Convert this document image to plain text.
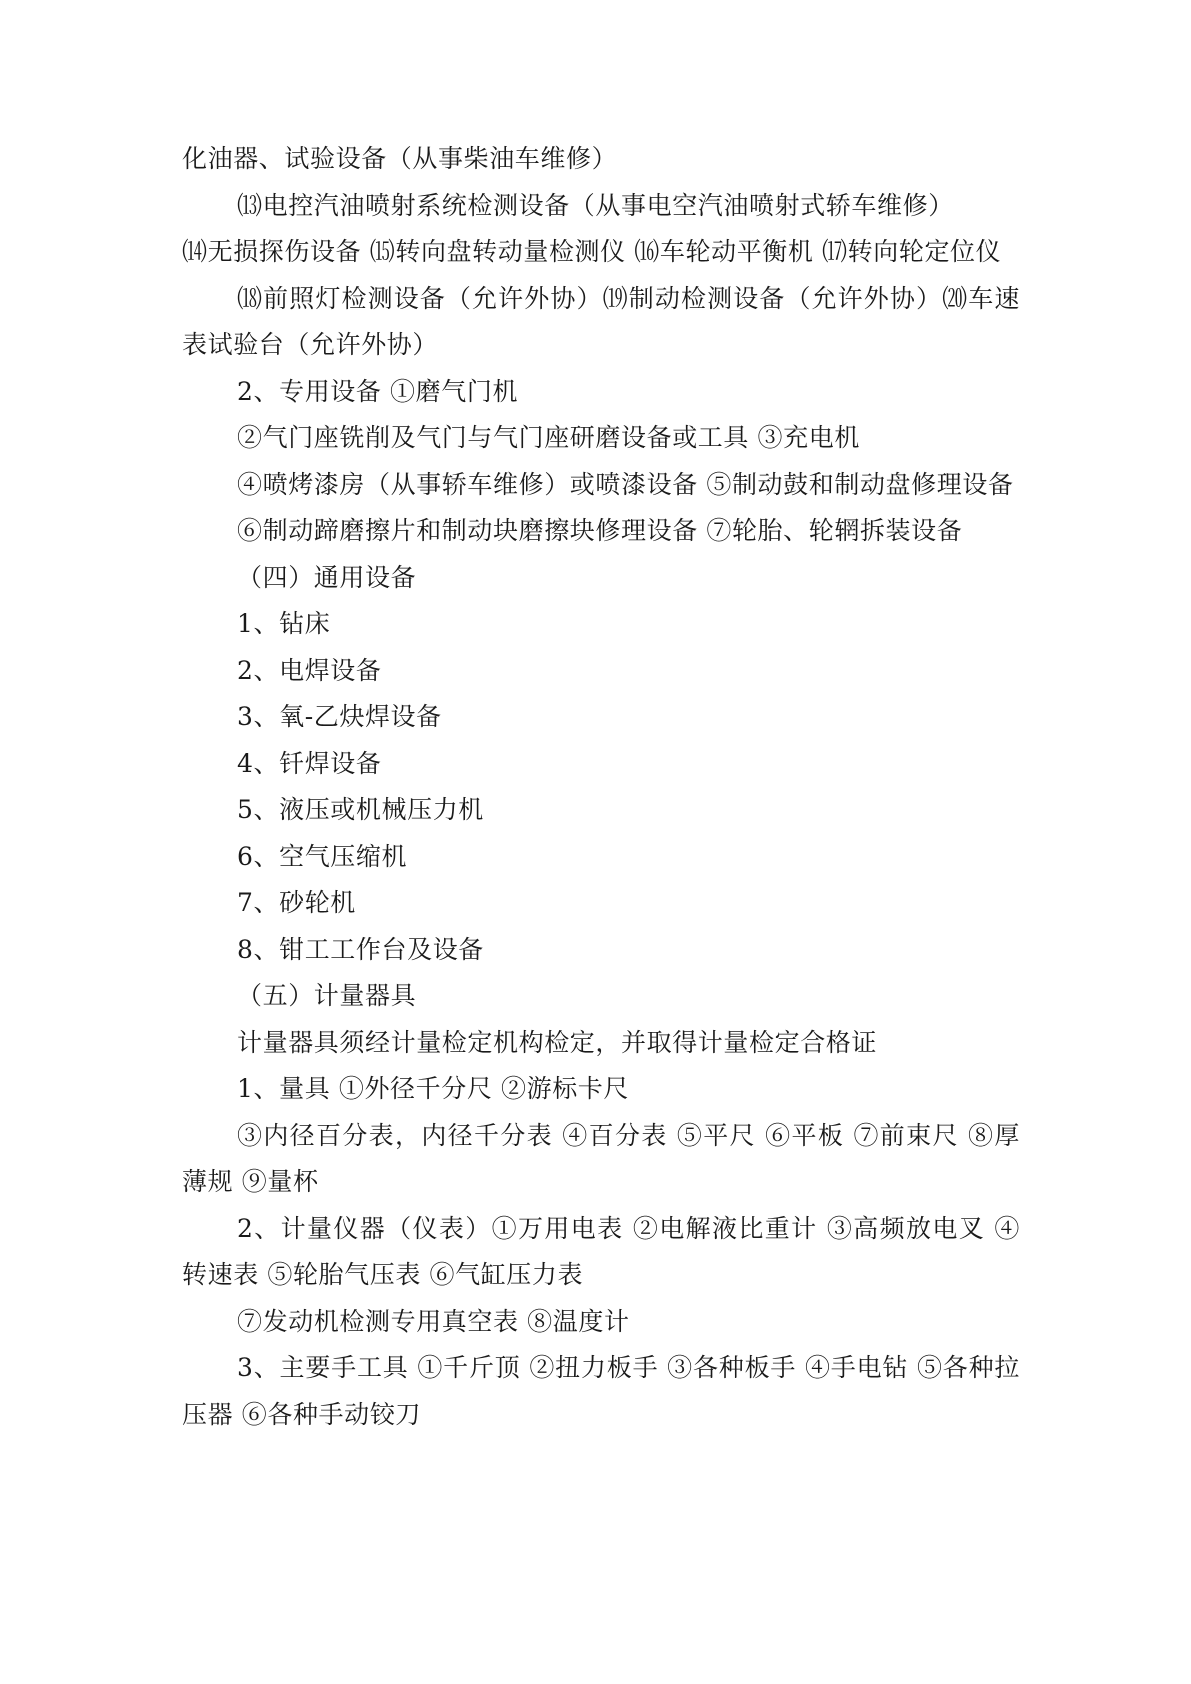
化油器、试验设备（从事柴油车维修）

⒀电控汽油喷射系统检测设备（从事电空汽油喷射式轿车维修）

⒁无损探伤设备 ⒂转向盘转动量检测仪 ⒃车轮动平衡机 ⒄转向轮定位仪

⒅前照灯检测设备（允许外协）⒆制动检测设备（允许外协）⒇车速表试验台（允许外协）

2、专用设备 ①磨气门机

②气门座铣削及气门与气门座研磨设备或工具 ③充电机

④喷烤漆房（从事轿车维修）或喷漆设备 ⑤制动鼓和制动盘修理设备

⑥制动蹄磨擦片和制动块磨擦块修理设备 ⑦轮胎、轮辋拆装设备

（四）通用设备

1、钻床

2、电焊设备

3、氧-乙炔焊设备

4、钎焊设备

5、液压或机械压力机

6、空气压缩机

7、砂轮机

8、钳工工作台及设备

（五）计量器具

计量器具须经计量检定机构检定，并取得计量检定合格证

1、量具 ①外径千分尺 ②游标卡尺

③内径百分表，内径千分表 ④百分表 ⑤平尺 ⑥平板 ⑦前束尺 ⑧厚薄规 ⑨量杯

2、计量仪器（仪表）①万用电表 ②电解液比重计 ③高频放电叉 ④转速表 ⑤轮胎气压表 ⑥气缸压力表

⑦发动机检测专用真空表 ⑧温度计

3、主要手工具 ①千斤顶 ②扭力板手 ③各种板手 ④手电钻 ⑤各种拉压器 ⑥各种手动铰刀
